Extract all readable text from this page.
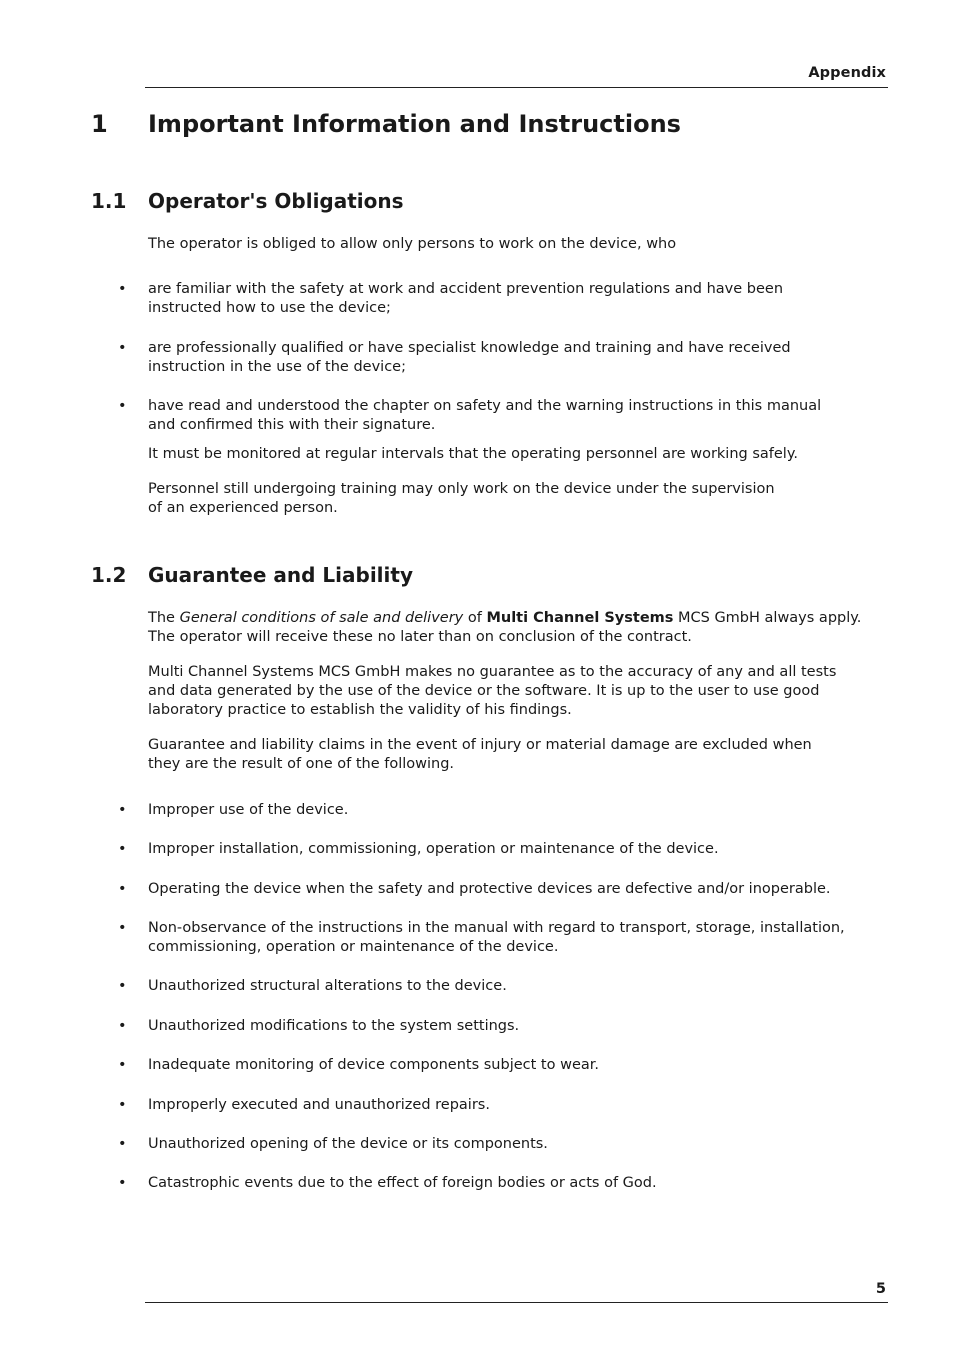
Appendix
1 Important Information and Instructions
1.1 Operator's Obligations
The operator is obliged to allow only persons to work on the device, who
•	are familiar with the safety at work and accident prevention regulations and have been instructed how to use the device;
•	are professionally qualified or have specialist knowledge and training and have received instruction in the use of the device;
•	have read and understood the chapter on safety and the warning instructions in this manual and confirmed this with their signature.
It must be monitored at regular intervals that the operating personnel are working safely.
Personnel still undergoing training may only work on the device under the supervision
of an experienced person.
1.2 Guarantee and Liability
The General conditions of sale and delivery of Multi Channel Systems MCS GmbH always apply. The operator will receive these no later than on conclusion of the contract.
Multi Channel Systems MCS GmbH makes no guarantee as to the accuracy of any and all tests and data generated by the use of the device or the software. It is up to the user to use good laboratory practice to establish the validity of his findings.
Guarantee and liability claims in the event of injury or material damage are excluded when they are the result of one of the following.
•	Improper use of the device.
•	Improper installation, commissioning, operation or maintenance of the device.
•	Operating the device when the safety and protective devices are defective and/or inoperable.
•	Non-observance of the instructions in the manual with regard to transport, storage, installation, commissioning, operation or maintenance of the device.
•	Unauthorized structural alterations to the device.
•	Unauthorized modifications to the system settings.
•	Inadequate monitoring of device components subject to wear.
•	Improperly executed and unauthorized repairs.
•	Unauthorized opening of the device or its components.
•	Catastrophic events due to the effect of foreign bodies or acts of God.
5
